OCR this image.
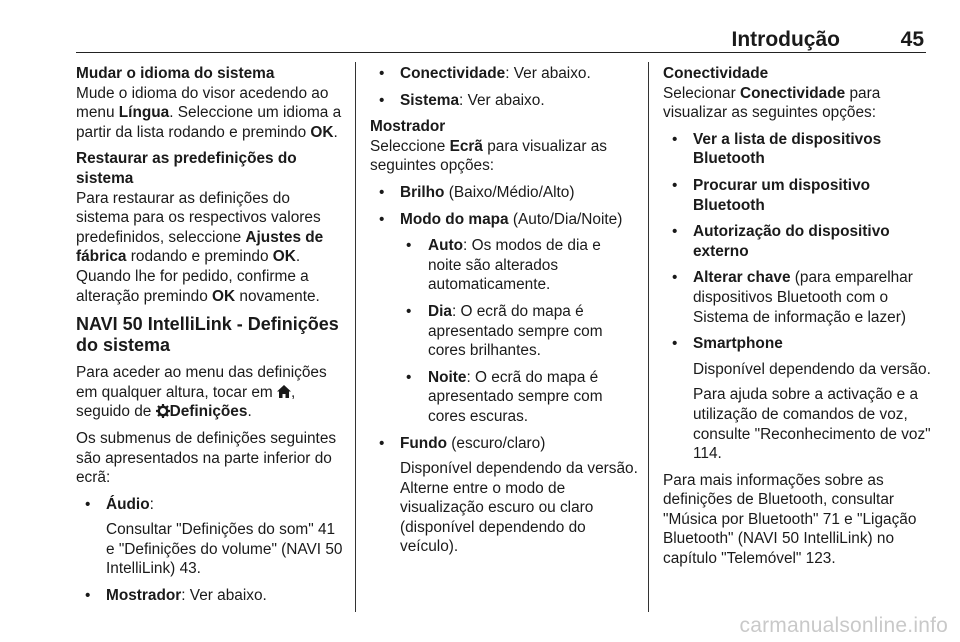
Introdução	45

Mudar o idioma do sistema

Mude o idioma do visor acedendo ao menu Língua. Seleccione um idioma a partir da lista rodando e premindo OK.

Restaurar as predefinições do sistema

Para restaurar as definições do sistema para os respectivos valores predefinidos, seleccione Ajustes de fábrica rodando e premindo OK. Quando lhe for pedido, confirme a alteração premindo OK novamente.

NAVI 50 IntelliLink - Definições do sistema

Para aceder ao menu das definições em qualquer altura, tocar em , seguido de Definições.

Os submenus de definições seguintes são apresentados na parte inferior do ecrã:

• Áudio:

Consultar "Definições do som" 41 e "Definições do volume" (NAVI 50 IntelliLink) 43.

• Mostrador: Ver abaixo.
• Conectividade: Ver abaixo.
• Sistema: Ver abaixo.

Mostrador

Seleccione Ecrã para visualizar as seguintes opções:

• Brilho (Baixo/Médio/Alto)
• Modo do mapa (Auto/Dia/Noite)
• Auto: Os modos de dia e noite são alterados automaticamente.
• Dia: O ecrã do mapa é apresentado sempre com cores brilhantes.
• Noite: O ecrã do mapa é apresentado sempre com cores escuras.
• Fundo (escuro/claro)

Disponível dependendo da versão. Alterne entre o modo de visualização escuro ou claro (disponível dependendo do veículo).

Conectividade

Selecionar Conectividade para visualizar as seguintes opções:

• Ver a lista de dispositivos Bluetooth
• Procurar um dispositivo Bluetooth
• Autorização do dispositivo externo
• Alterar chave (para emparelhar dispositivos Bluetooth com o Sistema de informação e lazer)
• Smartphone

Disponível dependendo da versão.

Para ajuda sobre a activação e a utilização de comandos de voz, consulte "Reconhecimento de voz" 114.

Para mais informações sobre as definições de Bluetooth, consultar "Música por Bluetooth" 71 e "Ligação Bluetooth" (NAVI 50 IntelliLink) no capítulo "Telemóvel" 123.

carmanualsonline.info
